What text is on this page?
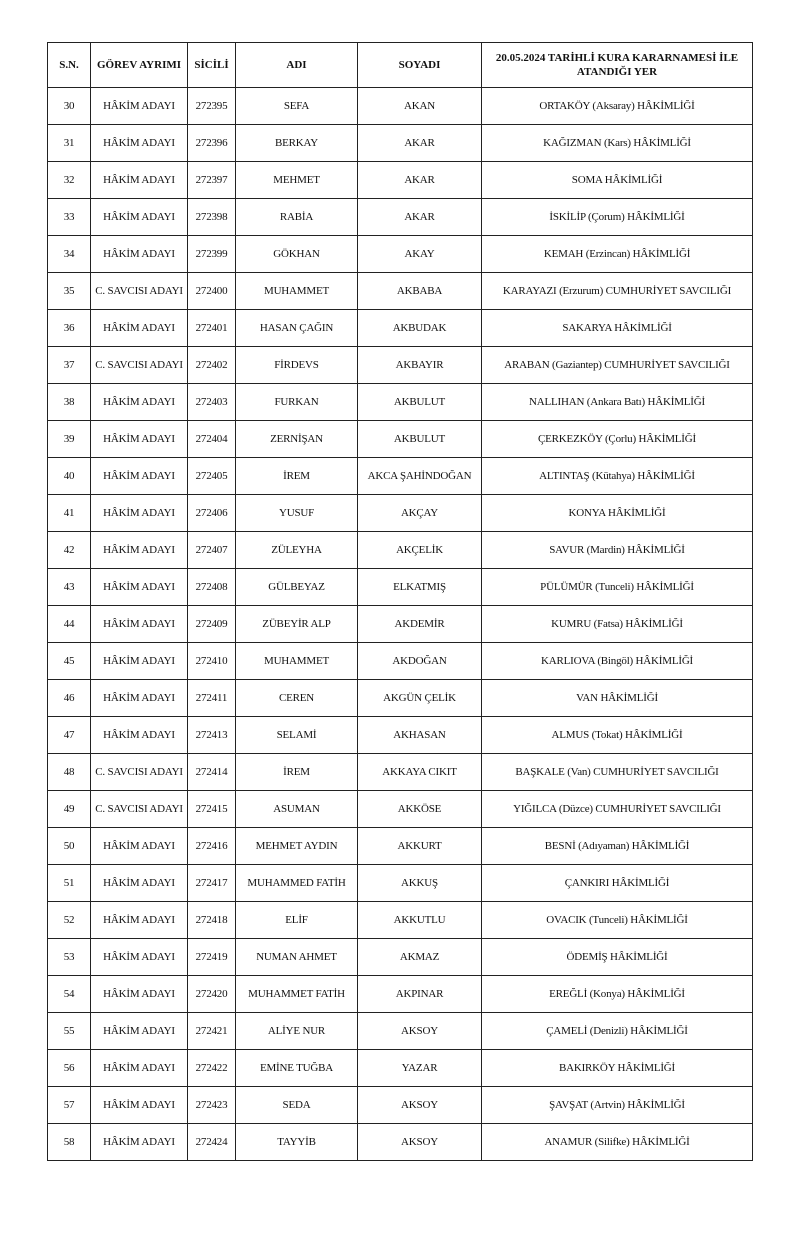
S.N.	GÖREV AYRIMI	SİCİLİ	ADI	SOYADI	20.05.2024 TARİHLİ KURA KARARNAMESİ İLE ATANDIĞI YER
30	HÂKİM ADAYI	272395	SEFA	AKAN	ORTAKÖY (Aksaray) HÂKİMLİĞİ
31	HÂKİM ADAYI	272396	BERKAY	AKAR	KAĞIZMAN (Kars) HÂKİMLİĞİ
32	HÂKİM ADAYI	272397	MEHMET	AKAR	SOMA HÂKİMLİĞİ
33	HÂKİM ADAYI	272398	RABİA	AKAR	İSKİLİP (Çorum) HÂKİMLİĞİ
34	HÂKİM ADAYI	272399	GÖKHAN	AKAY	KEMAH (Erzincan) HÂKİMLİĞİ
35	C. SAVCISI ADAYI	272400	MUHAMMET	AKBABA	KARAYAZI (Erzurum) CUMHURİYET SAVCILIĞI
36	HÂKİM ADAYI	272401	HASAN ÇAĞIN	AKBUDAK	SAKARYA HÂKİMLİĞİ
37	C. SAVCISI ADAYI	272402	FİRDEVS	AKBAYIR	ARABAN (Gaziantep) CUMHURİYET SAVCILIĞI
38	HÂKİM ADAYI	272403	FURKAN	AKBULUT	NALLIHAN (Ankara Batı) HÂKİMLİĞİ
39	HÂKİM ADAYI	272404	ZERNİŞAN	AKBULUT	ÇERKEZKÖY (Çorlu) HÂKİMLİĞİ
40	HÂKİM ADAYI	272405	İREM	AKCA ŞAHİNDOĞAN	ALTINTAŞ (Kütahya) HÂKİMLİĞİ
41	HÂKİM ADAYI	272406	YUSUF	AKÇAY	KONYA HÂKİMLİĞİ
42	HÂKİM ADAYI	272407	ZÜLEYHA	AKÇELİK	SAVUR (Mardin) HÂKİMLİĞİ
43	HÂKİM ADAYI	272408	GÜLBEYAZ	ELKATMIŞ	PÜLÜMÜR (Tunceli) HÂKİMLİĞİ
44	HÂKİM ADAYI	272409	ZÜBEYİR ALP	AKDEMİR	KUMRU (Fatsa) HÂKİMLİĞİ
45	HÂKİM ADAYI	272410	MUHAMMET	AKDOĞAN	KARLIOVA (Bingöl) HÂKİMLİĞİ
46	HÂKİM ADAYI	272411	CEREN	AKGÜN ÇELİK	VAN HÂKİMLİĞİ
47	HÂKİM ADAYI	272413	SELAMİ	AKHASAN	ALMUS (Tokat) HÂKİMLİĞİ
48	C. SAVCISI ADAYI	272414	İREM	AKKAYA CIKIT	BAŞKALE (Van) CUMHURİYET SAVCILIĞI
49	C. SAVCISI ADAYI	272415	ASUMAN	AKKÖSE	YIĞILCA (Düzce) CUMHURİYET SAVCILIĞI
50	HÂKİM ADAYI	272416	MEHMET AYDIN	AKKURT	BESNİ (Adıyaman) HÂKİMLİĞİ
51	HÂKİM ADAYI	272417	MUHAMMED FATİH	AKKUŞ	ÇANKIRI HÂKİMLİĞİ
52	HÂKİM ADAYI	272418	ELİF	AKKUTLU	OVACIK (Tunceli) HÂKİMLİĞİ
53	HÂKİM ADAYI	272419	NUMAN AHMET	AKMAZ	ÖDEMİŞ HÂKİMLİĞİ
54	HÂKİM ADAYI	272420	MUHAMMET FATİH	AKPINAR	EREĞLİ (Konya) HÂKİMLİĞİ
55	HÂKİM ADAYI	272421	ALİYE NUR	AKSOY	ÇAMELİ (Denizli) HÂKİMLİĞİ
56	HÂKİM ADAYI	272422	EMİNE TUĞBA	YAZAR	BAKIRKÖY HÂKİMLİĞİ
57	HÂKİM ADAYI	272423	SEDA	AKSOY	ŞAVŞAT (Artvin) HÂKİMLİĞİ
58	HÂKİM ADAYI	272424	TAYYİB	AKSOY	ANAMUR (Silifke) HÂKİMLİĞİ
